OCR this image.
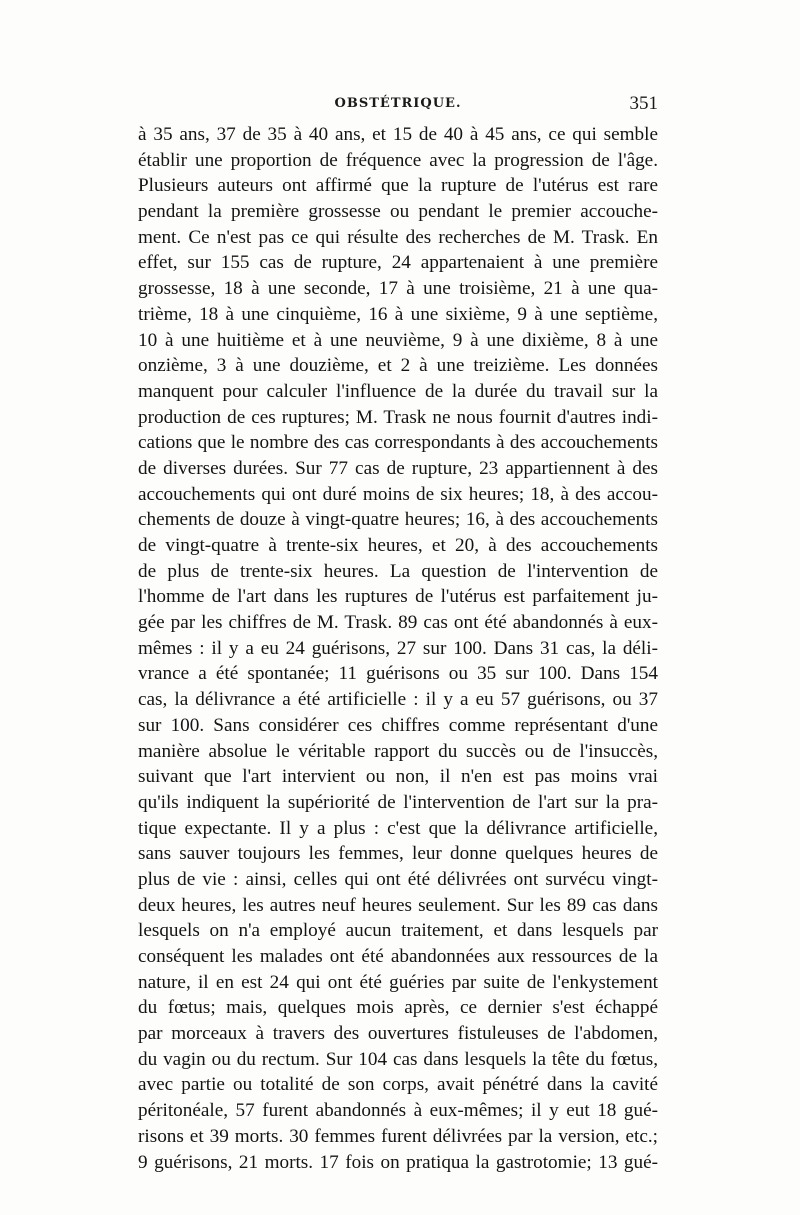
OBSTÉTRIQUE.	351
à 35 ans, 37 de 35 à 40 ans, et 15 de 40 à 45 ans, ce qui semble
établir une proportion de fréquence avec la progression de l'âge.
Plusieurs auteurs ont affirmé que la rupture de l'utérus est rare
pendant la première grossesse ou pendant le premier accouche-
ment. Ce n'est pas ce qui résulte des recherches de M. Trask. En
effet, sur 155 cas de rupture, 24 appartenaient à une première
grossesse, 18 à une seconde, 17 à une troisième, 21 à une qua-
trième, 18 à une cinquième, 16 à une sixième, 9 à une septième,
10 à une huitième et à une neuvième, 9 à une dixième, 8 à une
onzième, 3 à une douzième, et 2 à une treizième. Les données
manquent pour calculer l'influence de la durée du travail sur la
production de ces ruptures; M. Trask ne nous fournit d'autres indi-
cations que le nombre des cas correspondants à des accouchements
de diverses durées. Sur 77 cas de rupture, 23 appartiennent à des
accouchements qui ont duré moins de six heures; 18, à des accou-
chements de douze à vingt-quatre heures; 16, à des accouchements
de vingt-quatre à trente-six heures, et 20, à des accouchements
de plus de trente-six heures. La question de l'intervention de
l'homme de l'art dans les ruptures de l'utérus est parfaitement ju-
gée par les chiffres de M. Trask. 89 cas ont été abandonnés à eux-
mêmes : il y a eu 24 guérisons, 27 sur 100. Dans 31 cas, la déli-
vrance a été spontanée; 11 guérisons ou 35 sur 100. Dans 154
cas, la délivrance a été artificielle : il y a eu 57 guérisons, ou 37
sur 100. Sans considérer ces chiffres comme représentant d'une
manière absolue le véritable rapport du succès ou de l'insuccès,
suivant que l'art intervient ou non, il n'en est pas moins vrai
qu'ils indiquent la supériorité de l'intervention de l'art sur la pra-
tique expectante. Il y a plus : c'est que la délivrance artificielle,
sans sauver toujours les femmes, leur donne quelques heures de
plus de vie : ainsi, celles qui ont été délivrées ont survécu vingt-
deux heures, les autres neuf heures seulement. Sur les 89 cas dans
lesquels on n'a employé aucun traitement, et dans lesquels par
conséquent les malades ont été abandonnées aux ressources de la
nature, il en est 24 qui ont été guéries par suite de l'enkystement
du fœtus; mais, quelques mois après, ce dernier s'est échappé
par morceaux à travers des ouvertures fistuleuses de l'abdomen,
du vagin ou du rectum. Sur 104 cas dans lesquels la tête du fœtus,
avec partie ou totalité de son corps, avait pénétré dans la cavité
péritonéale, 57 furent abandonnés à eux-mêmes; il y eut 18 gué-
risons et 39 morts. 30 femmes furent délivrées par la version, etc.;
9 guérisons, 21 morts. 17 fois on pratiqua la gastrotomie; 13 gué-
